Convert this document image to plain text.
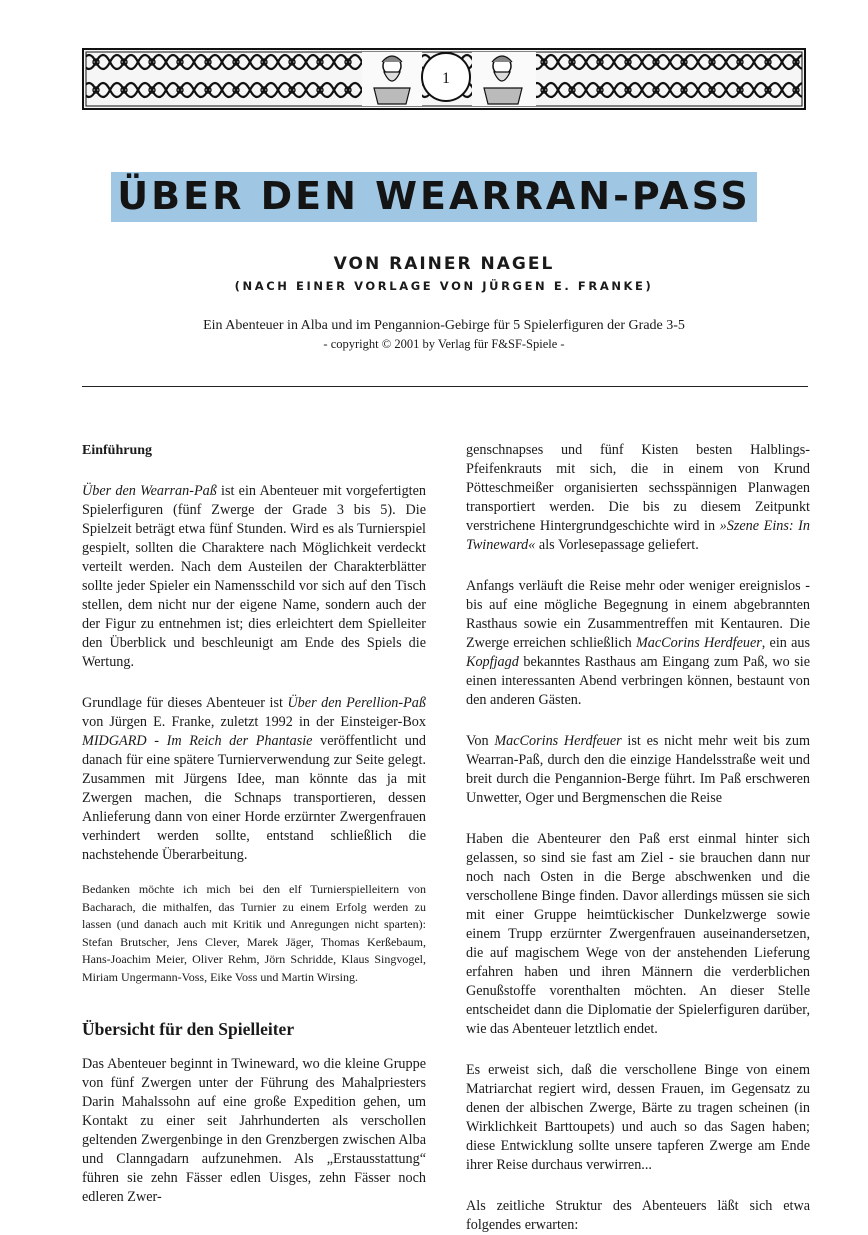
1
ÜBER DEN WEARRAN-PASS
VON RAINER NAGEL
(NACH EINER VORLAGE VON JÜRGEN E. FRANKE)
Ein Abenteuer in Alba und im Pengannion-Gebirge für 5 Spielerfiguren der Grade 3-5
- copyright © 2001 by Verlag für F&SF-Spiele -

Einführung

Über den Wearran-Paß ist ein Abenteuer mit vorgefertigten Spielerfiguren (fünf Zwerge der Grade 3 bis 5). Die Spielzeit beträgt etwa fünf Stunden. Wird es als Turnierspiel gespielt, sollten die Charaktere nach Möglichkeit verdeckt verteilt werden. Nach dem Austeilen der Charakterblätter sollte jeder Spieler ein Namensschild vor sich auf den Tisch stellen, dem nicht nur der eigene Name, sondern auch der der Figur zu entnehmen ist; dies erleichtert dem Spielleiter den Überblick und beschleunigt am Ende des Spiels die Wertung.

Grundlage für dieses Abenteuer ist Über den Perellion-Paß von Jürgen E. Franke, zuletzt 1992 in der Einsteiger-Box MIDGARD - Im Reich der Phantasie veröffentlicht und danach für eine spätere Turnierverwendung zur Seite gelegt. Zusammen mit Jürgens Idee, man könnte das ja mit Zwergen machen, die Schnaps transportieren, dessen Anlieferung dann von einer Horde erzürnter Zwergenfrauen verhindert werden sollte, entstand schließlich die nachstehende Überarbeitung.

Bedanken möchte ich mich bei den elf Turnierspielleitern von Bacharach, die mithalfen, das Turnier zu einem Erfolg werden zu lassen (und danach auch mit Kritik und Anregungen nicht sparten): Stefan Brutscher, Jens Clever, Marek Jäger, Thomas Kerßebaum, Hans-Joachim Meier, Oliver Rehm, Jörn Schridde, Klaus Singvogel, Miriam Ungermann-Voss, Eike Voss und Martin Wirsing.

Übersicht für den Spielleiter

Das Abenteuer beginnt in Twineward, wo die kleine Gruppe von fünf Zwergen unter der Führung des Mahalpriesters Darin Mahalssohn auf eine große Expedition gehen, um Kontakt zu einer seit Jahrhunderten als verschollen geltenden Zwergenbinge in den Grenzbergen zwischen Alba und Clanngadarn aufzunehmen. Als „Erstausstattung“ führen sie zehn Fässer edlen Uisges, zehn Fässer noch edleren Zwer-

genschnapses und fünf Kisten besten Halblings-Pfeifenkrauts mit sich, die in einem von Krund Pötteschmeißer organisierten sechsspännigen Planwagen transportiert werden. Die bis zu diesem Zeitpunkt verstrichene Hintergrundgeschichte wird in »Szene Eins: In Twineward« als Vorlesepassage geliefert.

Anfangs verläuft die Reise mehr oder weniger ereignislos - bis auf eine mögliche Begegnung in einem abgebrannten Rasthaus sowie ein Zusammentreffen mit Kentauren. Die Zwerge erreichen schließlich MacCorins Herdfeuer, ein aus Kopfjagd bekanntes Rasthaus am Eingang zum Paß, wo sie einen interessanten Abend verbringen können, bestaunt von den anderen Gästen.

Von MacCorins Herdfeuer ist es nicht mehr weit bis zum Wearran-Paß, durch den die einzige Handelsstraße weit und breit durch die Pengannion-Berge führt. Im Paß erschweren Unwetter, Oger und Bergmenschen die Reise

Haben die Abenteurer den Paß erst einmal hinter sich gelassen, so sind sie fast am Ziel - sie brauchen dann nur noch nach Osten in die Berge abschwenken und die verschollene Binge finden. Davor allerdings müssen sie sich mit einer Gruppe heimtückischer Dunkelzwerge sowie einem Trupp erzürnter Zwergenfrauen auseinandersetzen, die auf magischem Wege von der anstehenden Lieferung erfahren haben und ihren Männern die verderblichen Genußstoffe vorenthalten möchten. An dieser Stelle entscheidet dann die Diplomatie der Spielerfiguren darüber, wie das Abenteuer letztlich endet.

Es erweist sich, daß die verschollene Binge von einem Matriarchat regiert wird, dessen Frauen, im Gegensatz zu denen der albischen Zwerge, Bärte zu tragen scheinen (in Wirklichkeit Barttoupets) und auch so das Sagen haben; diese Entwicklung sollte unsere tapferen Zwerge am Ende ihrer Reise durchaus verwirren...

Als zeitliche Struktur des Abenteuers läßt sich etwa folgendes erwarten:
